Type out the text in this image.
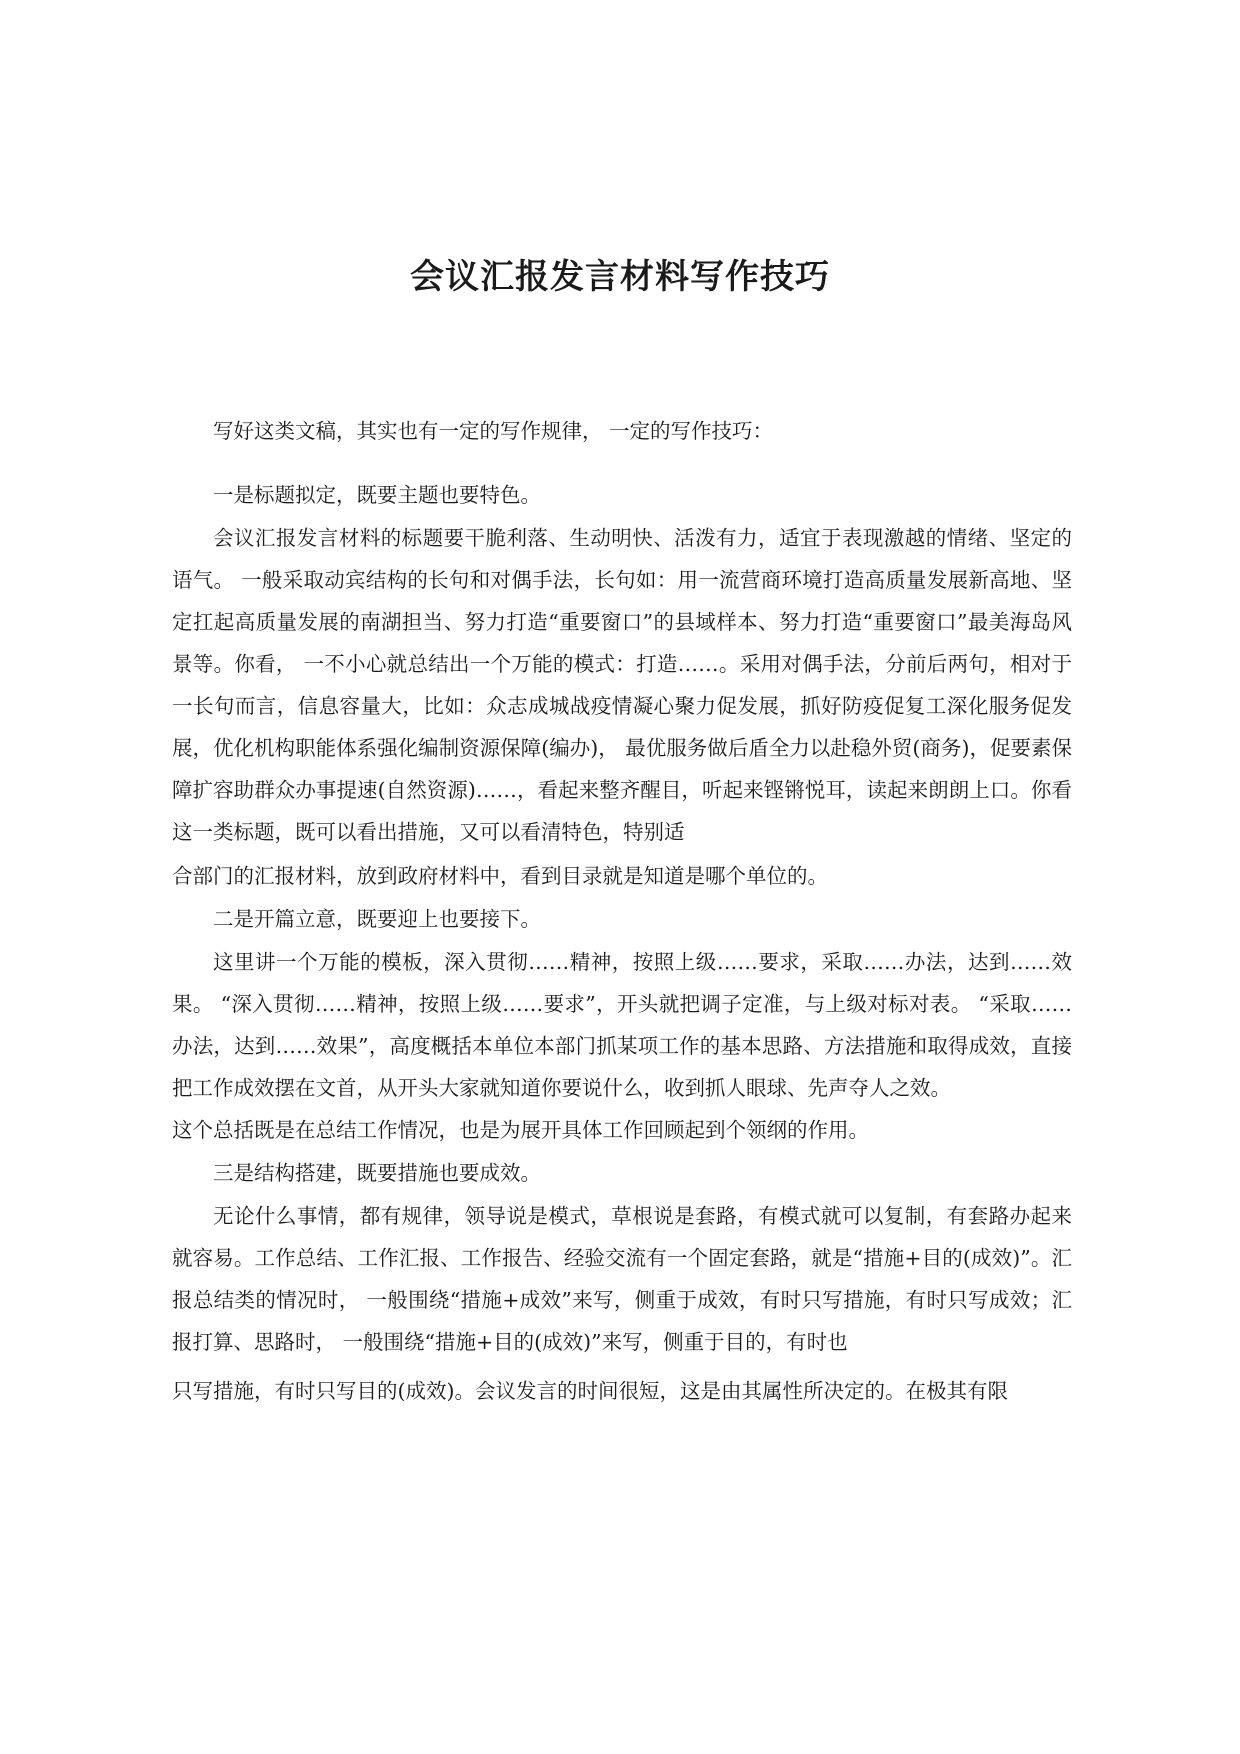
会议汇报发言材料写作技巧

写好这类文稿，其实也有一定的写作规律， 一定的写作技巧：

一是标题拟定，既要主题也要特色。

会议汇报发言材料的标题要干脆利落、生动明快、活泼有力，适宜于表现激越的情绪、坚定的语气。 一般采取动宾结构的长句和对偶手法，长句如：用一流营商环境打造高质量发展新高地、坚定扛起高质量发展的南湖担当、努力打造“重要窗口”的县域样本、努力打造“重要窗口”最美海岛风景等。你看， 一不小心就总结出一个万能的模式：打造……。采用对偶手法，分前后两句，相对于一长句而言，信息容量大，比如：众志成城战疫情凝心聚力促发展，抓好防疫促复工深化服务促发展，优化机构职能体系强化编制资源保障(编办)， 最优服务做后盾全力以赴稳外贸(商务)，促要素保障扩容助群众办事提速(自然资源)……，看起来整齐醒目，听起来铿锵悦耳，读起来朗朗上口。你看这一类标题，既可以看出措施，又可以看清特色，特别适

合部门的汇报材料，放到政府材料中，看到目录就是知道是哪个单位的。

二是开篇立意，既要迎上也要接下。

这里讲一个万能的模板，深入贯彻……精神，按照上级……要求，采取……办法，达到……效果。 “深入贯彻……精神，按照上级……要求”，开头就把调子定准，与上级对标对表。 “采取……办法，达到……效果”，高度概括本单位本部门抓某项工作的基本思路、方法措施和取得成效，直接把工作成效摆在文首，从开头大家就知道你要说什么，收到抓人眼球、先声夺人之效。

这个总括既是在总结工作情况，也是为展开具体工作回顾起到个领纲的作用。

三是结构搭建，既要措施也要成效。

无论什么事情，都有规律，领导说是模式，草根说是套路，有模式就可以复制，有套路办起来就容易。工作总结、工作汇报、工作报告、经验交流有一个固定套路，就是“措施+目的(成效)”。汇报总结类的情况时， 一般围绕“措施+成效”来写，侧重于成效，有时只写措施，有时只写成效；汇报打算、思路时， 一般围绕“措施+目的(成效)”来写，侧重于目的，有时也

只写措施，有时只写目的(成效)。会议发言的时间很短，这是由其属性所决定的。在极其有限
